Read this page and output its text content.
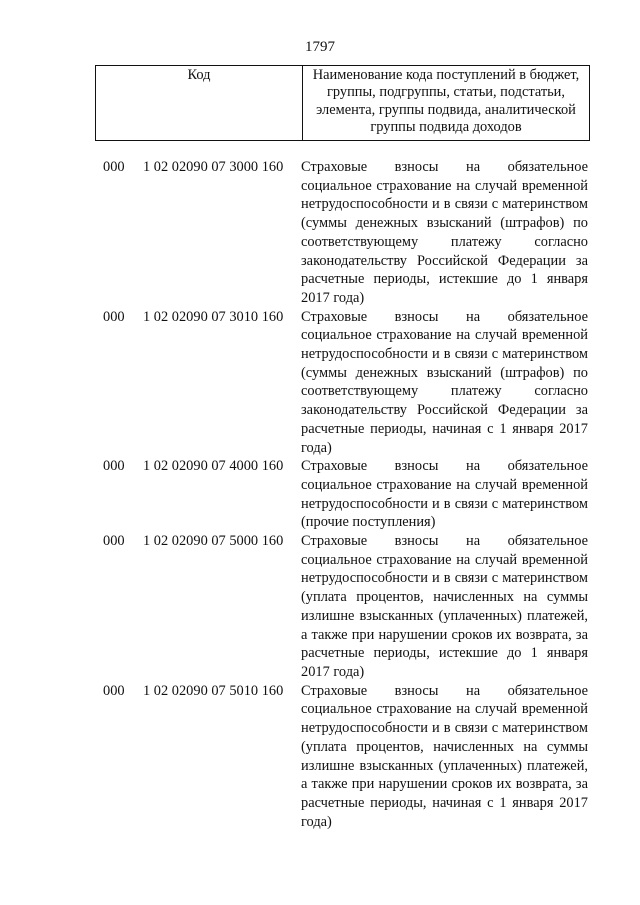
1797
Код	Наименование кода поступлений в бюджет, группы, подгруппы, статьи, подстатьи, элемента, группы подвида, аналитической группы подвида доходов
000 1 02 02090 07 3000 160 Страховые взносы на обязательное социальное страхование на случай временной нетрудоспособности и в связи с материнством (суммы денежных взысканий (штрафов) по соответствующему платежу согласно законодательству Российской Федерации за расчетные периоды, истекшие до 1 января 2017 года)
000 1 02 02090 07 3010 160 Страховые взносы на обязательное социальное страхование на случай временной нетрудоспособности и в связи с материнством (суммы денежных взысканий (штрафов) по соответствующему платежу согласно законодательству Российской Федерации за расчетные периоды, начиная с 1 января 2017 года)
000 1 02 02090 07 4000 160 Страховые взносы на обязательное социальное страхование на случай временной нетрудоспособности и в связи с материнством (прочие поступления)
000 1 02 02090 07 5000 160 Страховые взносы на обязательное социальное страхование на случай временной нетрудоспособности и в связи с материнством (уплата процентов, начисленных на суммы излишне взысканных (уплаченных) платежей, а также при нарушении сроков их возврата, за расчетные периоды, истекшие до 1 января 2017 года)
000 1 02 02090 07 5010 160 Страховые взносы на обязательное социальное страхование на случай временной нетрудоспособности и в связи с материнством (уплата процентов, начисленных на суммы излишне взысканных (уплаченных) платежей, а также при нарушении сроков их возврата, за расчетные периоды, начиная с 1 января 2017 года)
